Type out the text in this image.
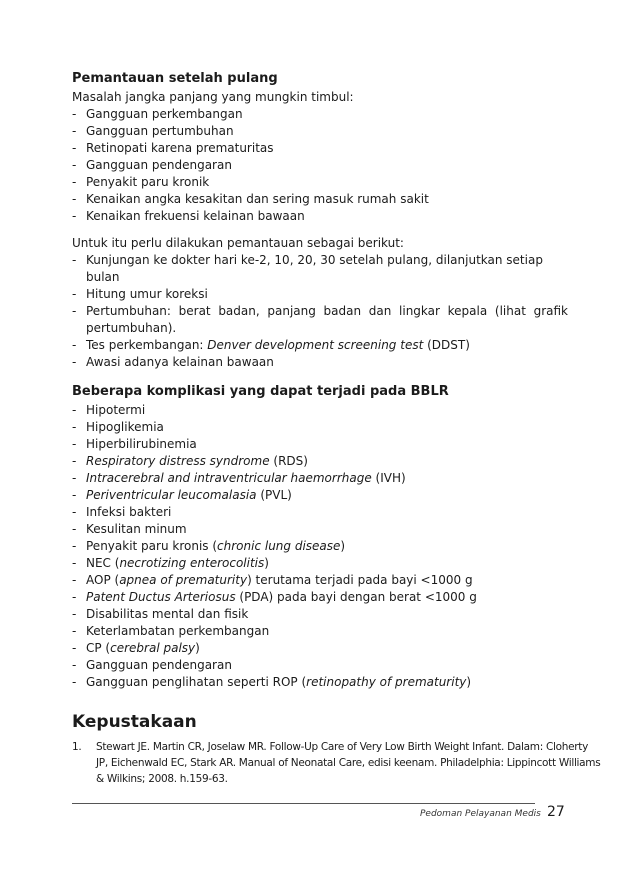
Pemantauan setelah pulang

Masalah jangka panjang yang mungkin timbul:

- Gangguan perkembangan
- Gangguan pertumbuhan
- Retinopati karena prematuritas
- Gangguan pendengaran
- Penyakit paru kronik
- Kenaikan angka kesakitan dan sering masuk rumah sakit
- Kenaikan frekuensi kelainan bawaan

Untuk itu perlu dilakukan pemantauan sebagai berikut:

- Kunjungan ke dokter hari ke-2, 10, 20, 30 setelah pulang, dilanjutkan setiap bulan
- Hitung umur koreksi
- Pertumbuhan: berat badan, panjang badan dan lingkar kepala (lihat grafik
pertumbuhan).
- Tes perkembangan: Denver development screening test (DDST)
- Awasi adanya kelainan bawaan
Beberapa komplikasi yang dapat terjadi pada BBLR
- Hipotermi
- Hipoglikemia
- Hiperbilirubinemia
- Respiratory distress syndrome (RDS)
- Intracerebral and intraventricular haemorrhage (IVH)
- Periventricular leucomalasia (PVL)
- Infeksi bakteri
- Kesulitan minum
- Penyakit paru kronis (chronic lung disease)
- NEC (necrotizing enterocolitis)
- AOP (apnea of prematurity) terutama terjadi pada bayi <1000 g
- Patent Ductus Arteriosus (PDA) pada bayi dengan berat <1000 g
- Disabilitas mental dan fisik
- Keterlambatan perkembangan
- CP (cerebral palsy)
- Gangguan pendengaran
- Gangguan penglihatan seperti ROP (retinopathy of prematurity)
Kepustakaan
1. Stewart JE. Martin CR, Joselaw MR. Follow-Up Care of Very Low Birth Weight Infant. Dalam: Cloherty
JP, Eichenwald EC, Stark AR. Manual of Neonatal Care, edisi keenam. Philadelphia: Lippincott Williams
& Wilkins; 2008. h.159-63.
Pedoman Pelayanan Medis 27
